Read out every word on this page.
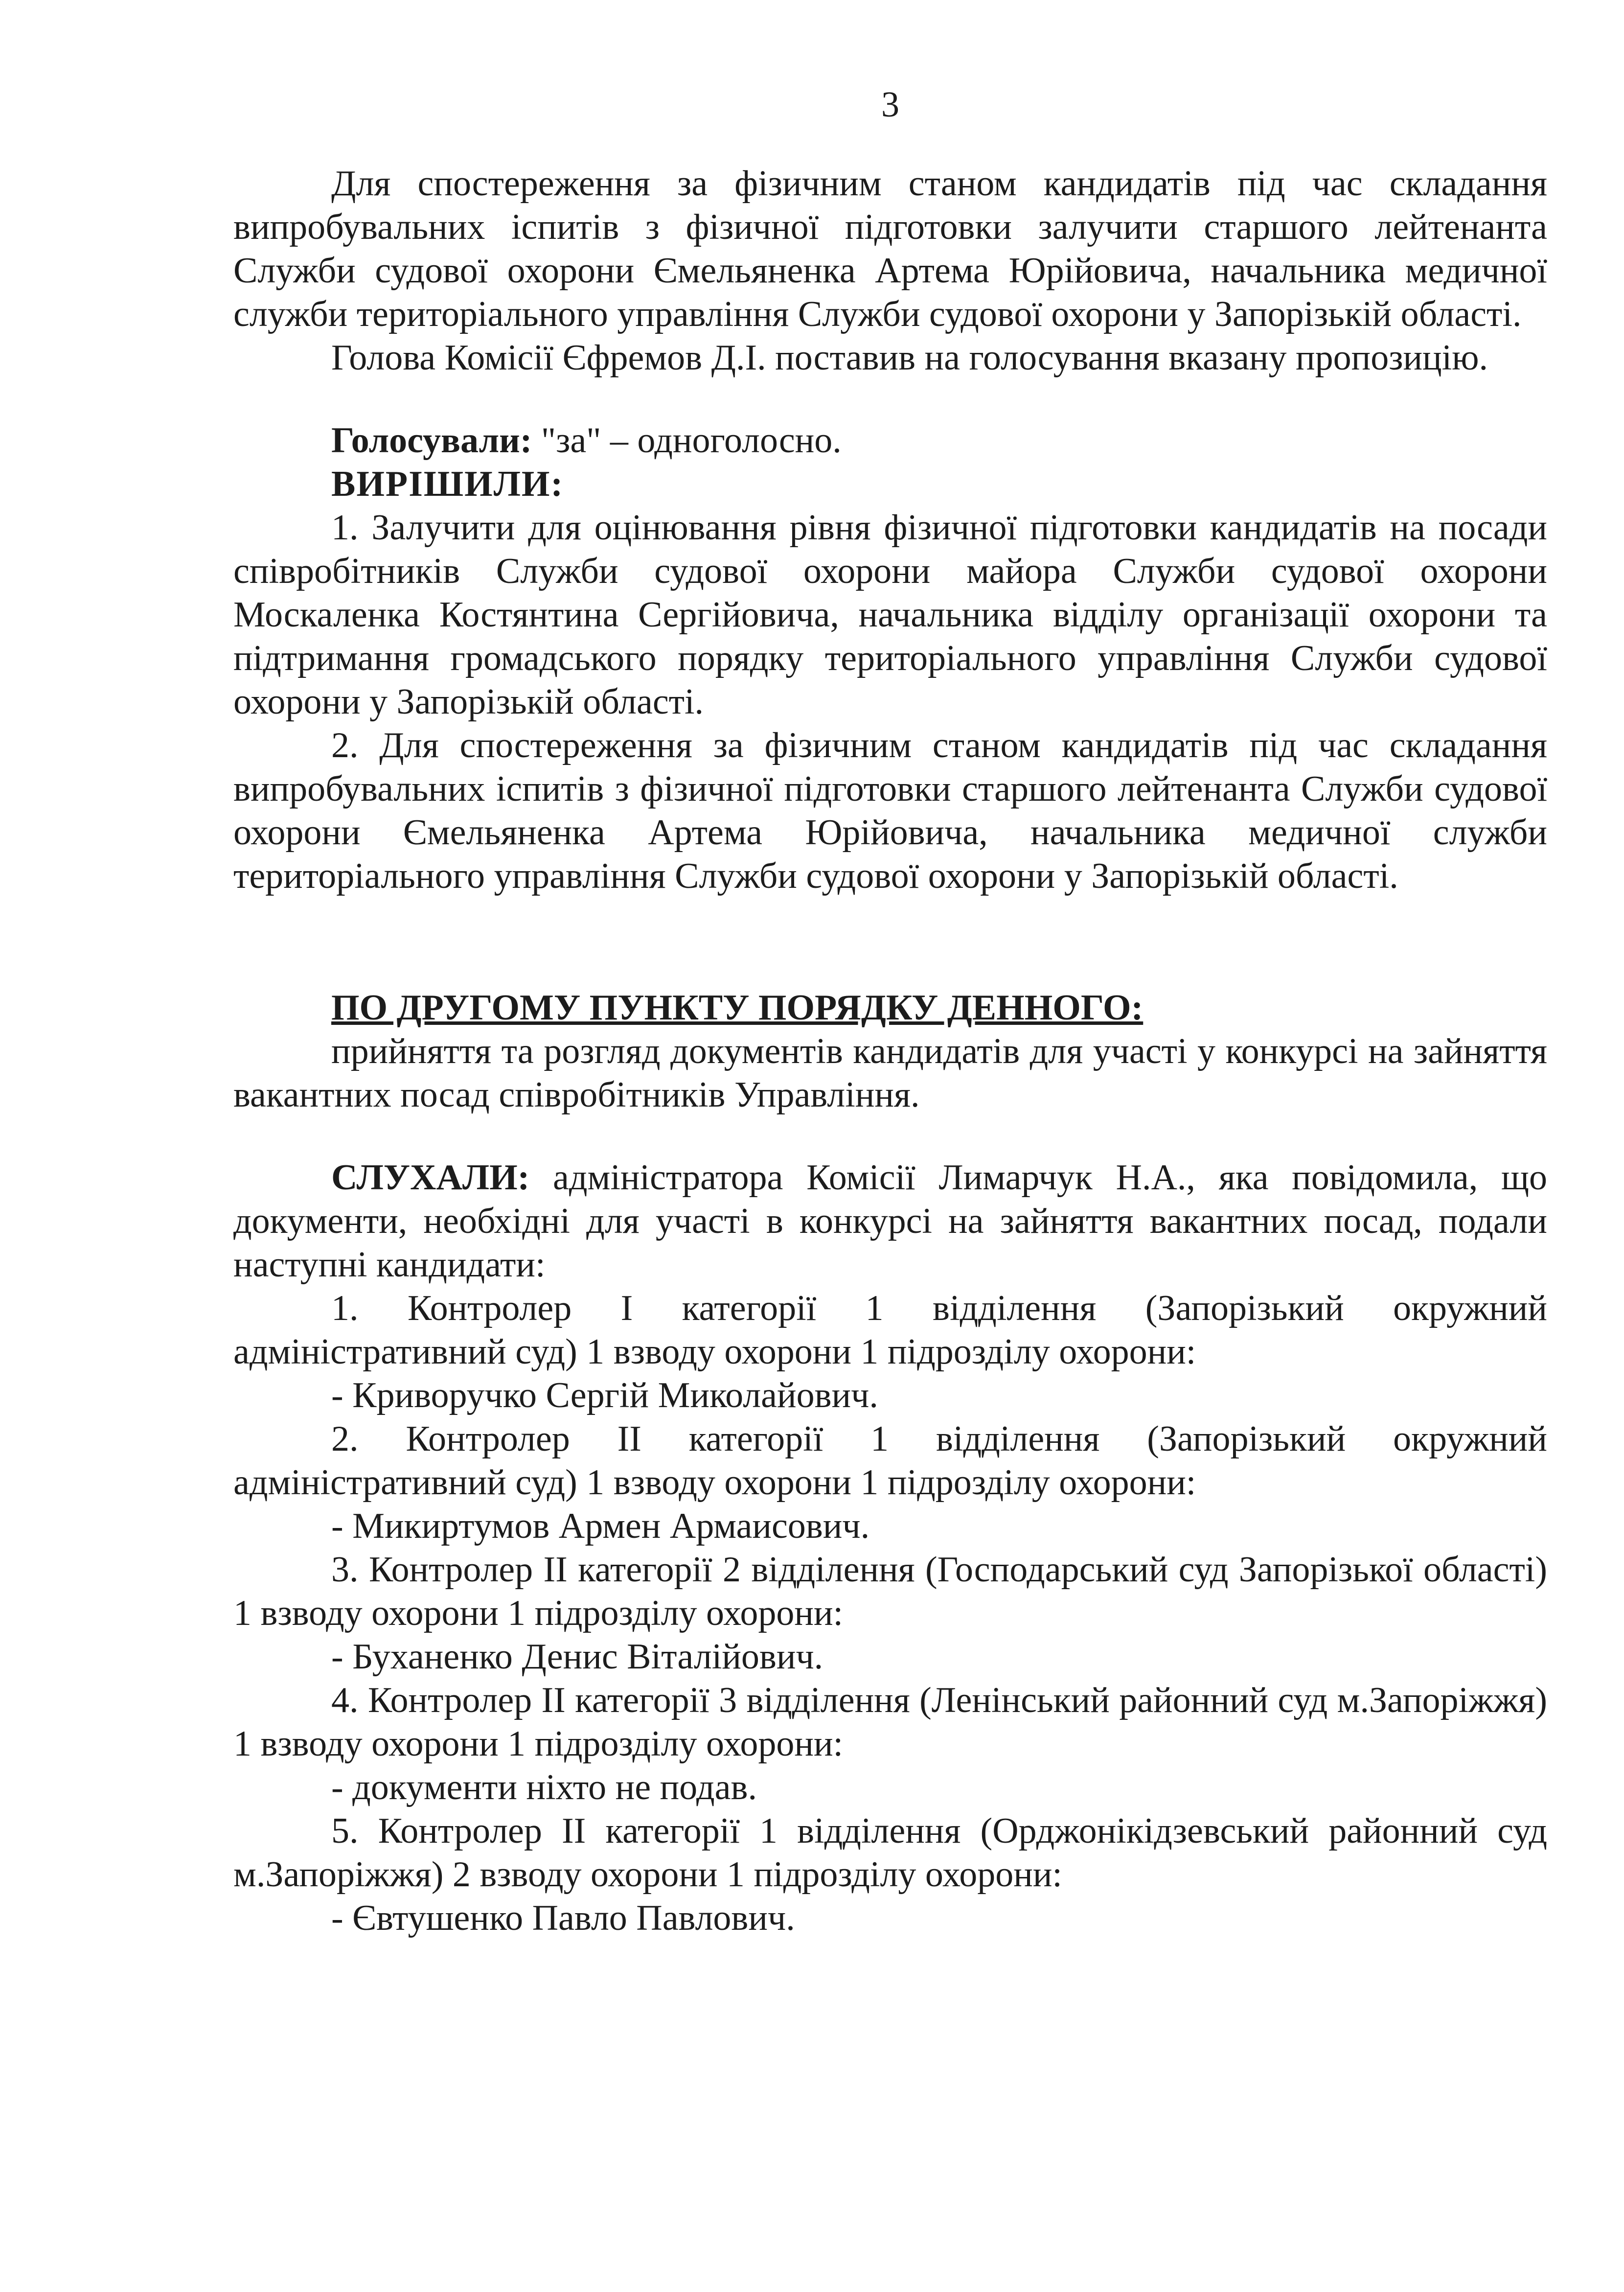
3

Для спостереження за фізичним станом кандидатів під час складання випробувальних іспитів з фізичної підготовки залучити старшого лейтенанта Служби судової охорони Ємельяненка Артема Юрійовича, начальника медичної служби територіального управління Служби судової охорони у Запорізькій області.

Голова Комісії Єфремов Д.І. поставив на голосування вказану пропозицію.

Голосували: "за" – одноголосно.

ВИРІШИЛИ:

1. Залучити для оцінювання рівня фізичної підготовки кандидатів на посади співробітників Служби судової охорони майора Служби судової охорони Москаленка Костянтина Сергійовича, начальника відділу організації охорони та підтримання громадського порядку територіального управління Служби судової охорони у Запорізькій області.

2. Для спостереження за фізичним станом кандидатів під час складання випробувальних іспитів з фізичної підготовки старшого лейтенанта Служби судової охорони Ємельяненка Артема Юрійовича, начальника медичної служби територіального управління Служби судової охорони у Запорізькій області.

ПО ДРУГОМУ ПУНКТУ ПОРЯДКУ ДЕННОГО:

прийняття та розгляд документів кандидатів для участі у конкурсі на зайняття вакантних посад співробітників Управління.

СЛУХАЛИ: адміністратора Комісії Лимарчук Н.А., яка повідомила, що документи, необхідні для участі в конкурсі на зайняття вакантних посад, подали наступні кандидати:

1. Контролер І категорії 1 відділення (Запорізький окружний адміністративний суд) 1 взводу охорони 1 підрозділу охорони:

- Криворучко Сергій Миколайович.

2. Контролер ІІ категорії 1 відділення (Запорізький окружний адміністративний суд) 1 взводу охорони 1 підрозділу охорони:

- Микиртумов Армен Армаисович.

3. Контролер ІІ категорії 2 відділення (Господарський суд Запорізької області) 1 взводу охорони 1 підрозділу охорони:

- Буханенко Денис Віталійович.

4. Контролер ІІ категорії 3 відділення (Ленінський районний суд м.Запоріжжя) 1 взводу охорони 1 підрозділу охорони:

- документи ніхто не подав.

5. Контролер ІІ категорії 1 відділення (Орджонікідзевський районний суд м.Запоріжжя) 2 взводу охорони 1 підрозділу охорони:

- Євтушенко Павло Павлович.
